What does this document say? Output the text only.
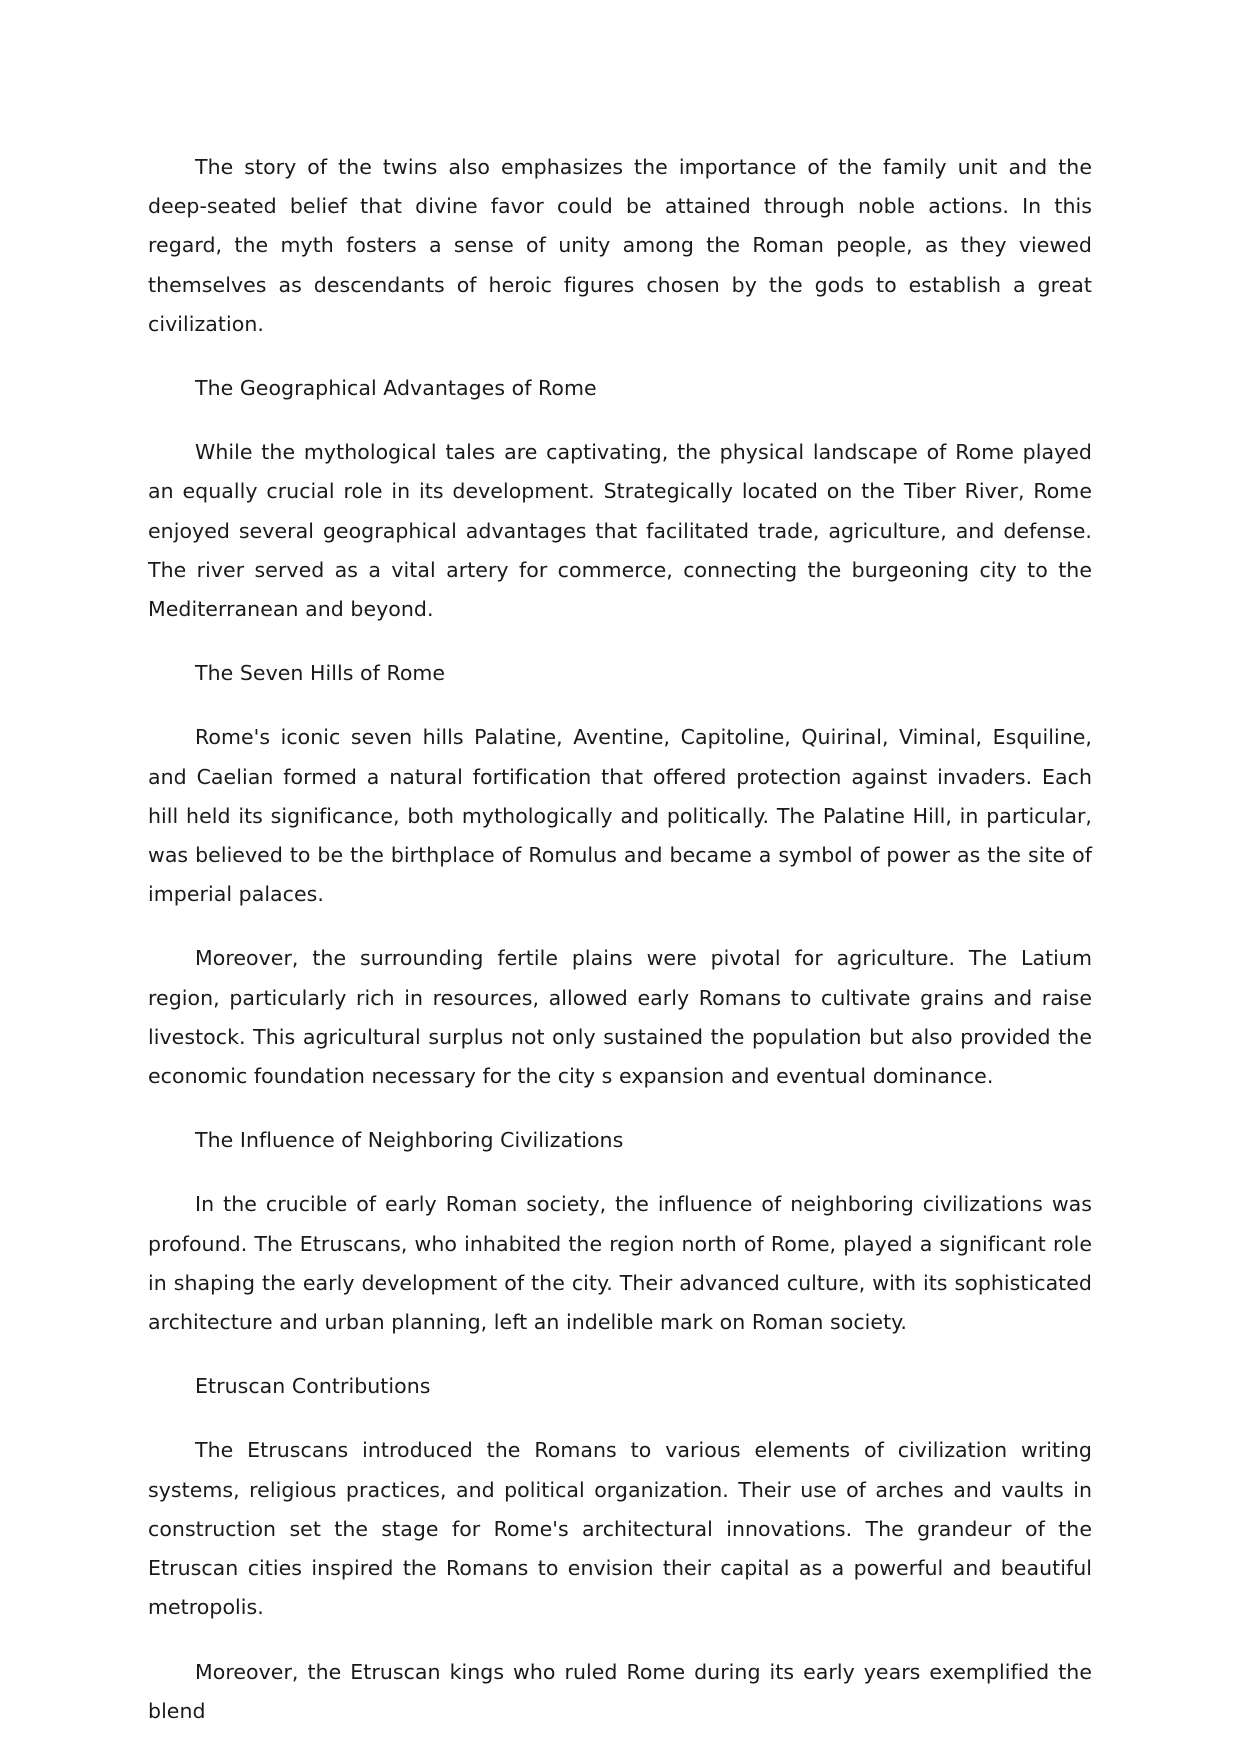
The story of the twins also emphasizes the importance of the family unit and the deep-seated belief that divine favor could be attained through noble actions. In this regard, the myth fosters a sense of unity among the Roman people, as they viewed themselves as descendants of heroic figures chosen by the gods to establish a great civilization.

The Geographical Advantages of Rome

While the mythological tales are captivating, the physical landscape of Rome played an equally crucial role in its development. Strategically located on the Tiber River, Rome enjoyed several geographical advantages that facilitated trade, agriculture, and defense. The river served as a vital artery for commerce, connecting the burgeoning city to the Mediterranean and beyond.

The Seven Hills of Rome

Rome's iconic seven hills Palatine, Aventine, Capitoline, Quirinal, Viminal, Esquiline, and Caelian formed a natural fortification that offered protection against invaders. Each hill held its significance, both mythologically and politically. The Palatine Hill, in particular, was believed to be the birthplace of Romulus and became a symbol of power as the site of imperial palaces.

Moreover, the surrounding fertile plains were pivotal for agriculture. The Latium region, particularly rich in resources, allowed early Romans to cultivate grains and raise livestock. This agricultural surplus not only sustained the population but also provided the economic foundation necessary for the city s expansion and eventual dominance.

The Influence of Neighboring Civilizations

In the crucible of early Roman society, the influence of neighboring civilizations was profound. The Etruscans, who inhabited the region north of Rome, played a significant role in shaping the early development of the city. Their advanced culture, with its sophisticated architecture and urban planning, left an indelible mark on Roman society.

Etruscan Contributions

The Etruscans introduced the Romans to various elements of civilization writing systems, religious practices, and political organization. Their use of arches and vaults in construction set the stage for Rome's architectural innovations. The grandeur of the Etruscan cities inspired the Romans to envision their capital as a powerful and beautiful metropolis.

Moreover, the Etruscan kings who ruled Rome during its early years exemplified the blend
